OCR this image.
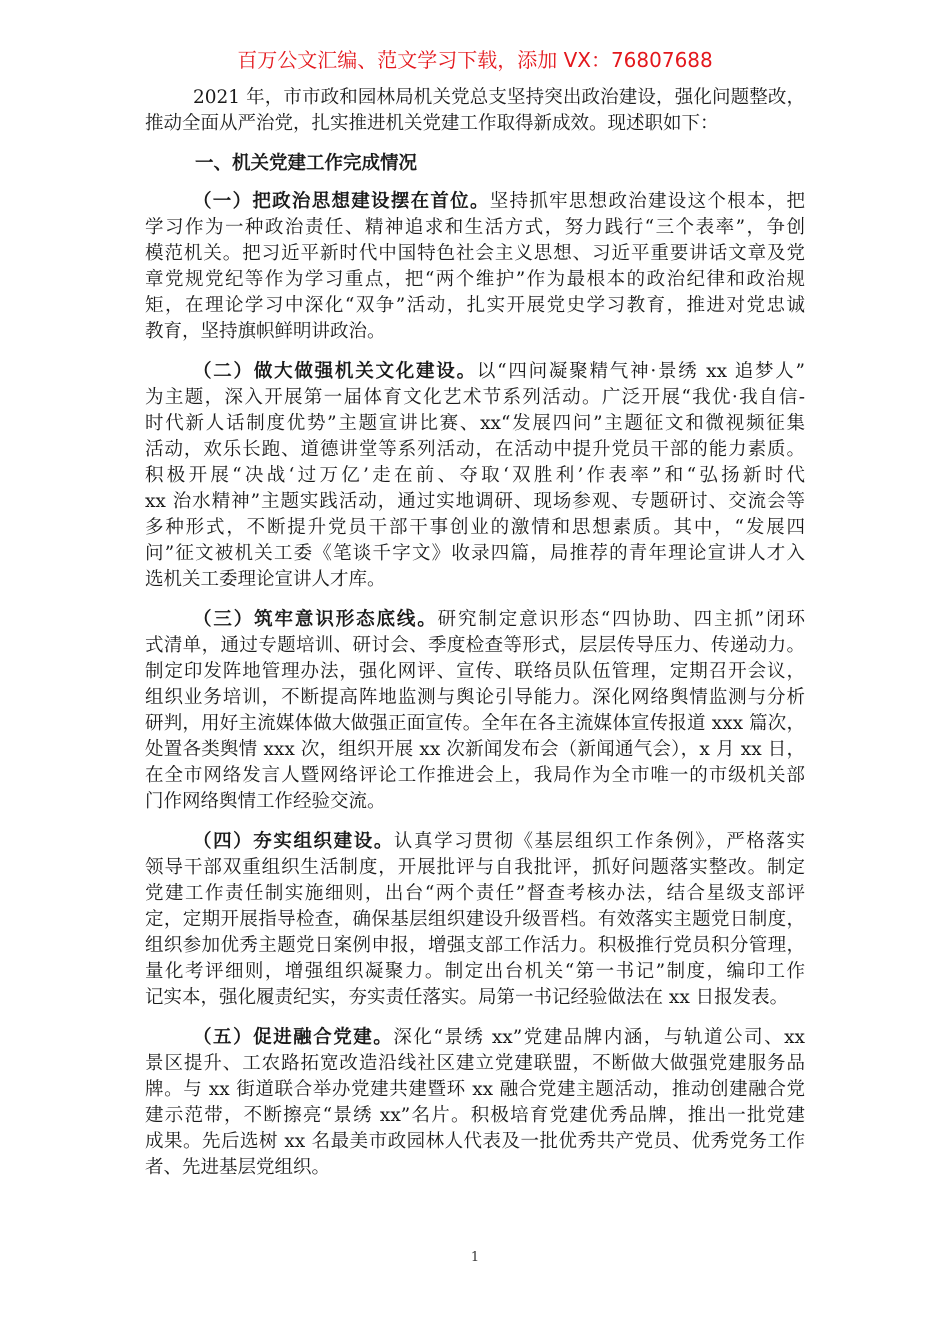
百万公文汇编、范文学习下载，添加 VX：76807688
2021 年，市市政和园林局机关党总支坚持突出政治建设，强化问题整改，
推动全面从严治党，扎实推进机关党建工作取得新成效。现述职如下：
一、机关党建工作完成情况
（一）把政治思想建设摆在首位。坚持抓牢思想政治建设这个根本，把
学习作为一种政治责任、精神追求和生活方式，努力践行“三个表率”，争创
模范机关。把习近平新时代中国特色社会主义思想、习近平重要讲话文章及党
章党规党纪等作为学习重点，把“两个维护”作为最根本的政治纪律和政治规
矩，在理论学习中深化“双争”活动，扎实开展党史学习教育，推进对党忠诚
教育，坚持旗帜鲜明讲政治。
（二）做大做强机关文化建设。以“四问凝聚精气神·景绣 xx 追梦人”
为主题，深入开展第一届体育文化艺术节系列活动。广泛开展“我优·我自信-
时代新人话制度优势”主题宣讲比赛、xx“发展四问”主题征文和微视频征集
活动，欢乐长跑、道德讲堂等系列活动，在活动中提升党员干部的能力素质。
积极开展“决战‘过万亿’走在前、夺取‘双胜利’作表率”和“弘扬新时代
xx 治水精神”主题实践活动，通过实地调研、现场参观、专题研讨、交流会等
多种形式，不断提升党员干部干事创业的激情和思想素质。其中，“发展四
问”征文被机关工委《笔谈千字文》收录四篇，局推荐的青年理论宣讲人才入
选机关工委理论宣讲人才库。
（三）筑牢意识形态底线。研究制定意识形态“四协助、四主抓”闭环
式清单，通过专题培训、研讨会、季度检查等形式，层层传导压力、传递动力。
制定印发阵地管理办法，强化网评、宣传、联络员队伍管理，定期召开会议，
组织业务培训，不断提高阵地监测与舆论引导能力。深化网络舆情监测与分析
研判，用好主流媒体做大做强正面宣传。全年在各主流媒体宣传报道 xxx 篇次，
处置各类舆情 xxx 次，组织开展 xx 次新闻发布会（新闻通气会），x 月 xx 日，
在全市网络发言人暨网络评论工作推进会上，我局作为全市唯一的市级机关部
门作网络舆情工作经验交流。
（四）夯实组织建设。认真学习贯彻《基层组织工作条例》，严格落实
领导干部双重组织生活制度，开展批评与自我批评，抓好问题落实整改。制定
党建工作责任制实施细则，出台“两个责任”督查考核办法，结合星级支部评
定，定期开展指导检查，确保基层组织建设升级晋档。有效落实主题党日制度，
组织参加优秀主题党日案例申报，增强支部工作活力。积极推行党员积分管理，
量化考评细则，增强组织凝聚力。制定出台机关“第一书记”制度，编印工作
记实本，强化履责纪实，夯实责任落实。局第一书记经验做法在 xx 日报发表。
（五）促进融合党建。深化“景绣 xx”党建品牌内涵，与轨道公司、xx
景区提升、工农路拓宽改造沿线社区建立党建联盟，不断做大做强党建服务品
牌。与 xx 街道联合举办党建共建暨环 xx 融合党建主题活动，推动创建融合党
建示范带，不断擦亮“景绣 xx”名片。积极培育党建优秀品牌，推出一批党建
成果。先后选树 xx 名最美市政园林人代表及一批优秀共产党员、优秀党务工作
者、先进基层党组织。
1
